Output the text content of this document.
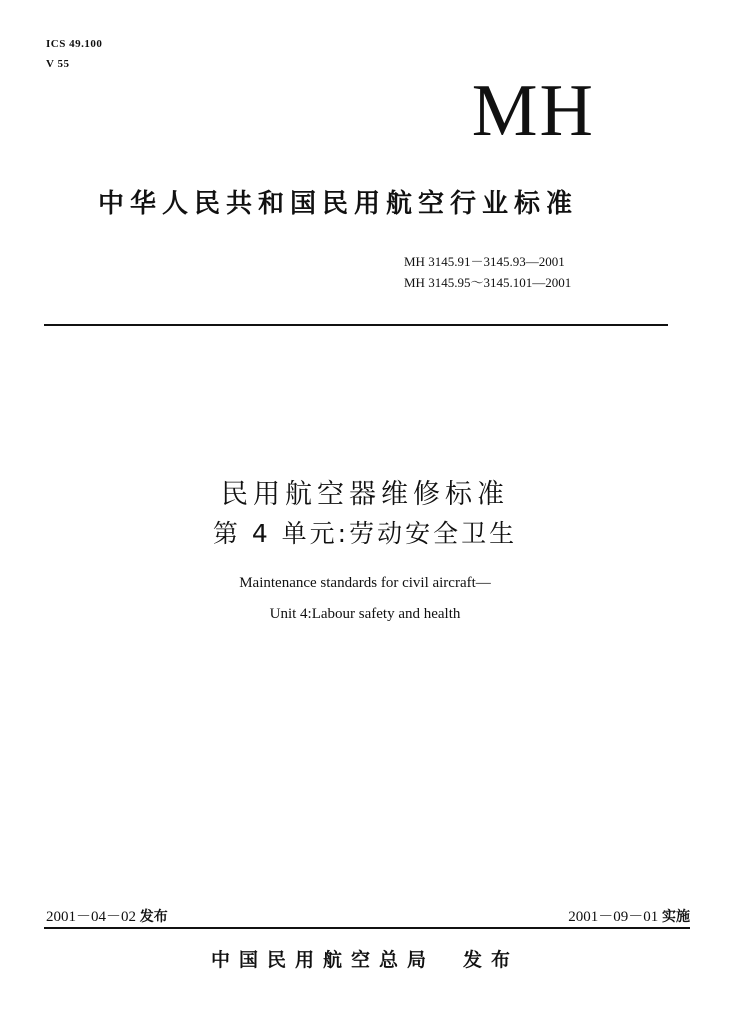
ICS 49.100
V 55
MH
中华人民共和国民用航空行业标准
MH 3145.91－3145.93—2001
MH 3145.95～3145.101—2001
民用航空器维修标准
第 4 单元:劳动安全卫生
Maintenance standards for civil aircraft—
Unit 4:Labour safety and health
2001－04－02 发布	2001－09－01 实施
中国民用航空总局 发布
